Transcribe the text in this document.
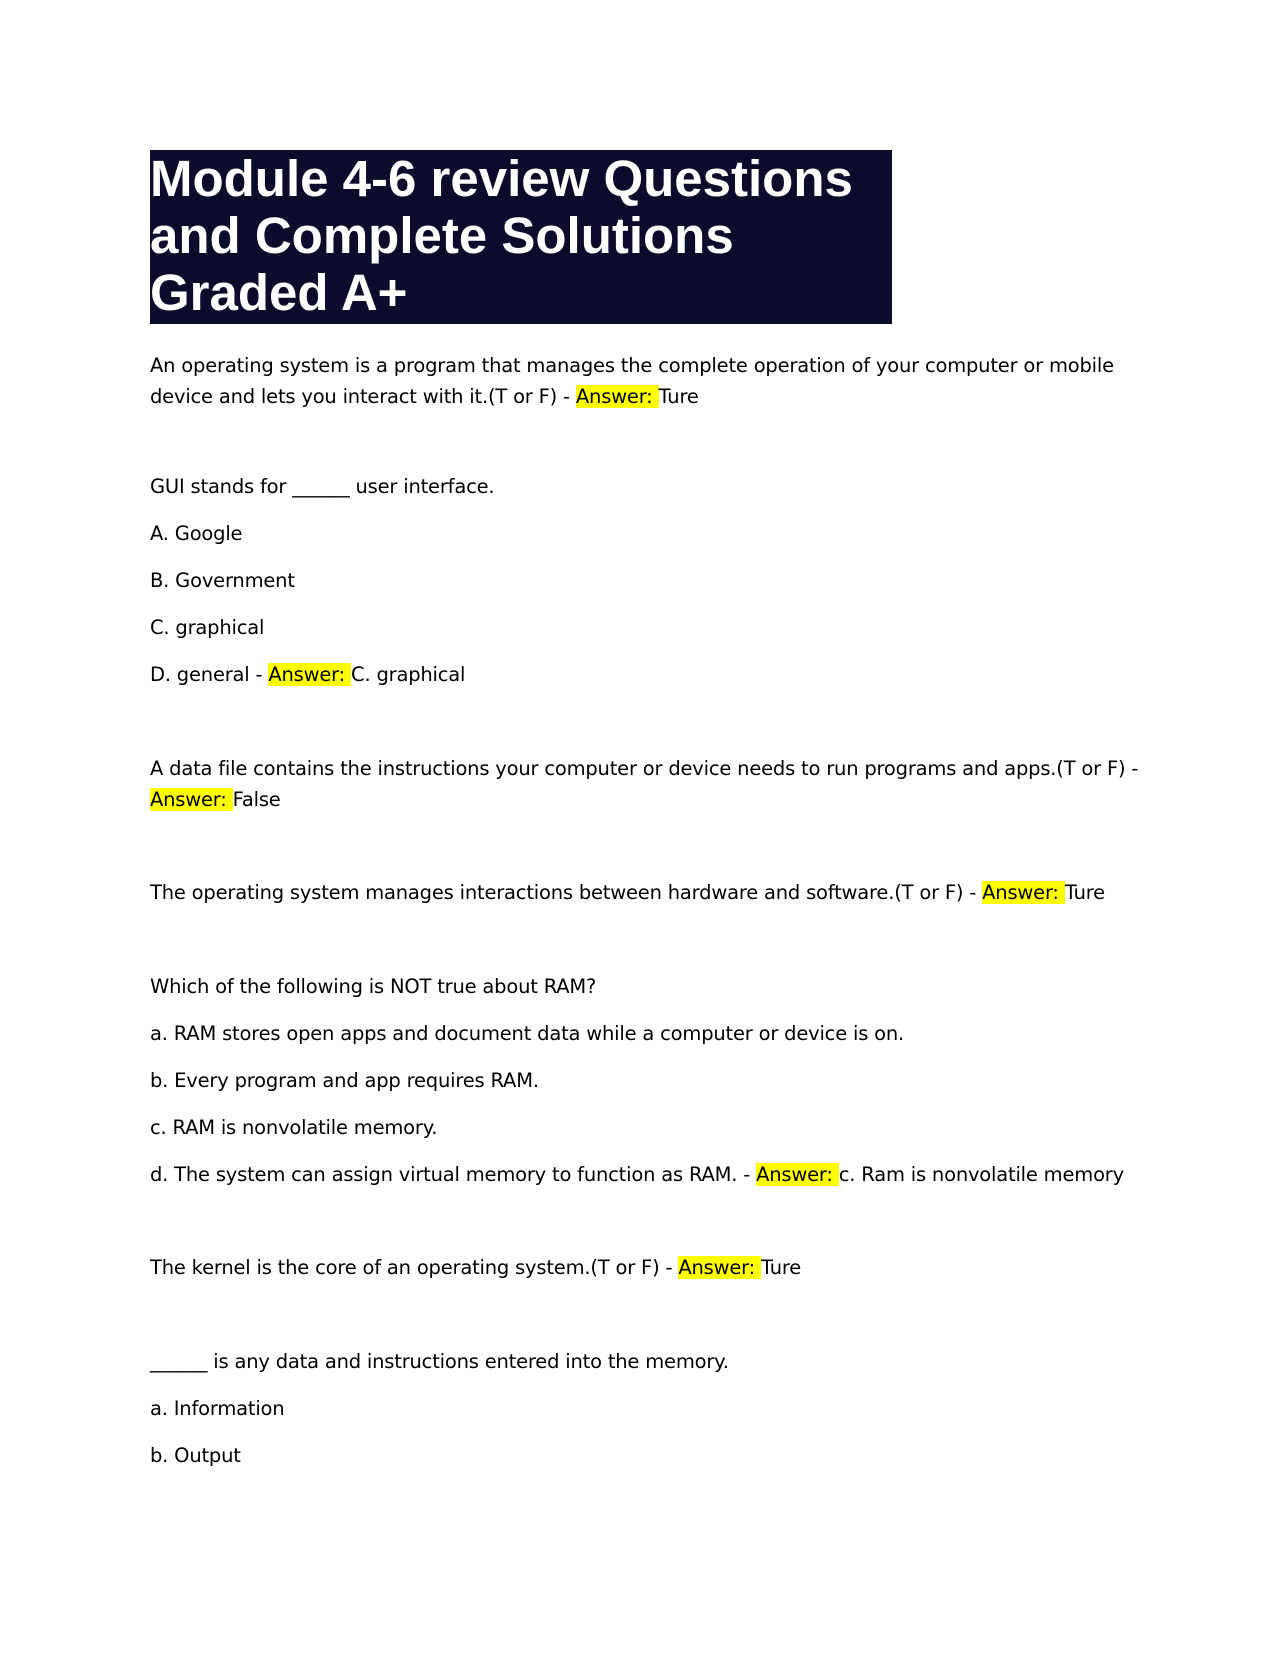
Module 4-6 review Questions
and Complete Solutions
Graded A+
An operating system is a program that manages the complete operation of your computer or mobile
device and lets you interact with it.(T or F) - Answer: Ture
GUI stands for ______ user interface.
A. Google
B. Government
C. graphical
D. general - Answer: C. graphical
A data file contains the instructions your computer or device needs to run programs and apps.(T or F) -
Answer: False
The operating system manages interactions between hardware and software.(T or F) - Answer: Ture
Which of the following is NOT true about RAM?
a. RAM stores open apps and document data while a computer or device is on.
b. Every program and app requires RAM.
c. RAM is nonvolatile memory.
d. The system can assign virtual memory to function as RAM. - Answer: c. Ram is nonvolatile memory
The kernel is the core of an operating system.(T or F) - Answer: Ture
______ is any data and instructions entered into the memory.
a. Information
b. Output
